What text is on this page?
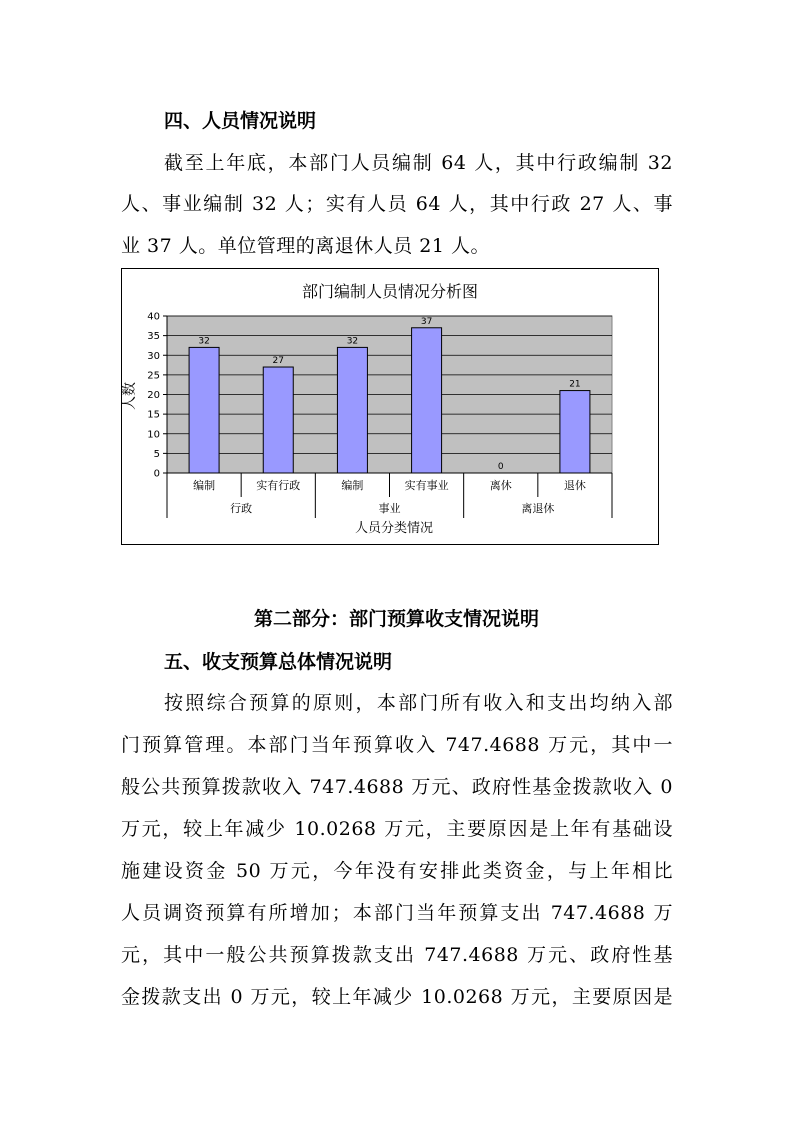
四、人员情况说明
截至上年底，本部门人员编制 64 人，其中行政编制 32
人、事业编制 32 人；实有人员 64 人，其中行政 27 人、事
业 37 人。单位管理的离退休人员 21 人。
部门编制人员情况分析图
人数
人员分类情况
0
5
10
15
20
25
30
35
40
32
编制
27
实有行政
32
编制
37
实有事业
0
离休
21
退休
行政	事业	离退休
第二部分：部门预算收支情况说明
五、收支预算总体情况说明
按照综合预算的原则，本部门所有收入和支出均纳入部
门预算管理。本部门当年预算收入 747.4688 万元，其中一
般公共预算拨款收入 747.4688 万元、政府性基金拨款收入 0
万元，较上年减少 10.0268 万元，主要原因是上年有基础设
施建设资金 50 万元，今年没有安排此类资金，与上年相比
人员调资预算有所增加；本部门当年预算支出 747.4688 万
元，其中一般公共预算拨款支出 747.4688 万元、政府性基
金拨款支出 0 万元，较上年减少 10.0268 万元，主要原因是
